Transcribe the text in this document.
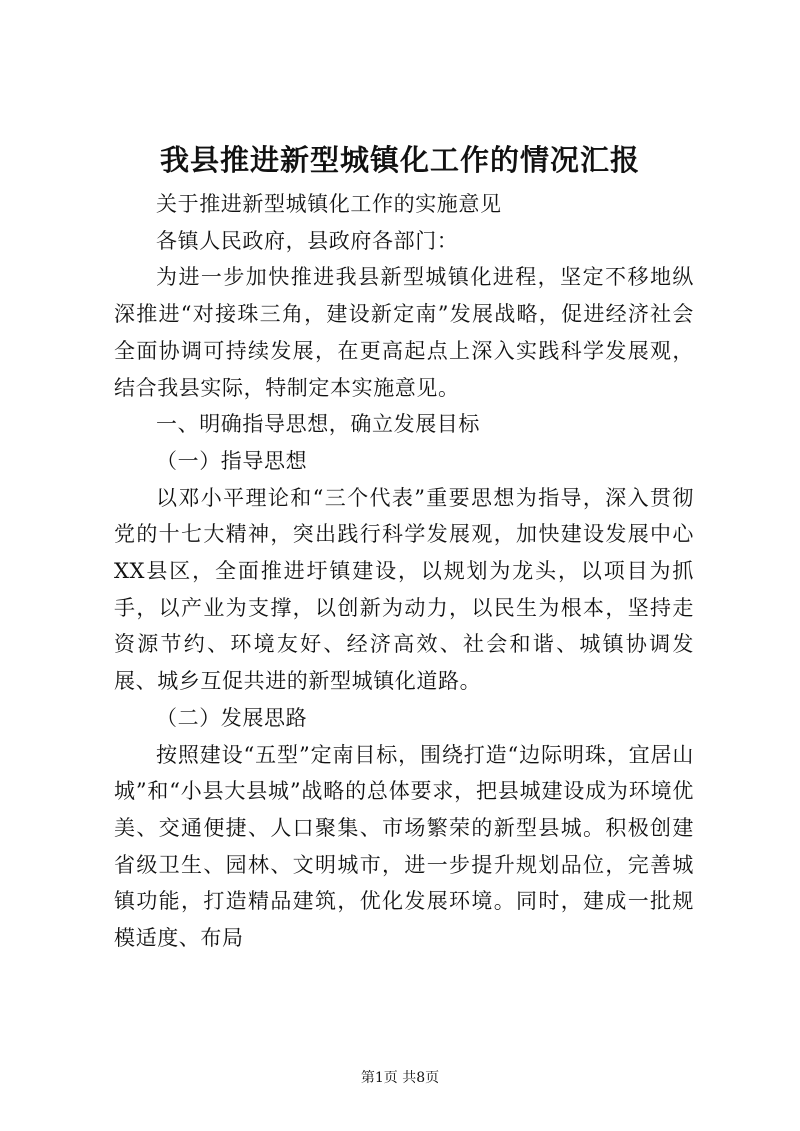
我县推进新型城镇化工作的情况汇报

关于推进新型城镇化工作的实施意见

各镇人民政府，县政府各部门：

为进一步加快推进我县新型城镇化进程，坚定不移地纵深推进“对接珠三角，建设新定南”发展战略，促进经济社会全面协调可持续发展，在更高起点上深入实践科学发展观，结合我县实际，特制定本实施意见。

一、明确指导思想，确立发展目标

（一）指导思想

以邓小平理论和“三个代表”重要思想为指导，深入贯彻党的十七大精神，突出践行科学发展观，加快建设发展中心XX县区，全面推进圩镇建设，以规划为龙头，以项目为抓手，以产业为支撑，以创新为动力，以民生为根本，坚持走资源节约、环境友好、经济高效、社会和谐、城镇协调发展、城乡互促共进的新型城镇化道路。

（二）发展思路

按照建设“五型”定南目标，围绕打造“边际明珠，宜居山城”和“小县大县城”战略的总体要求，把县城建设成为环境优美、交通便捷、人口聚集、市场繁荣的新型县城。积极创建省级卫生、园林、文明城市，进一步提升规划品位，完善城镇功能，打造精品建筑，优化发展环境。同时，建成一批规模适度、布局

第1页 共8页
